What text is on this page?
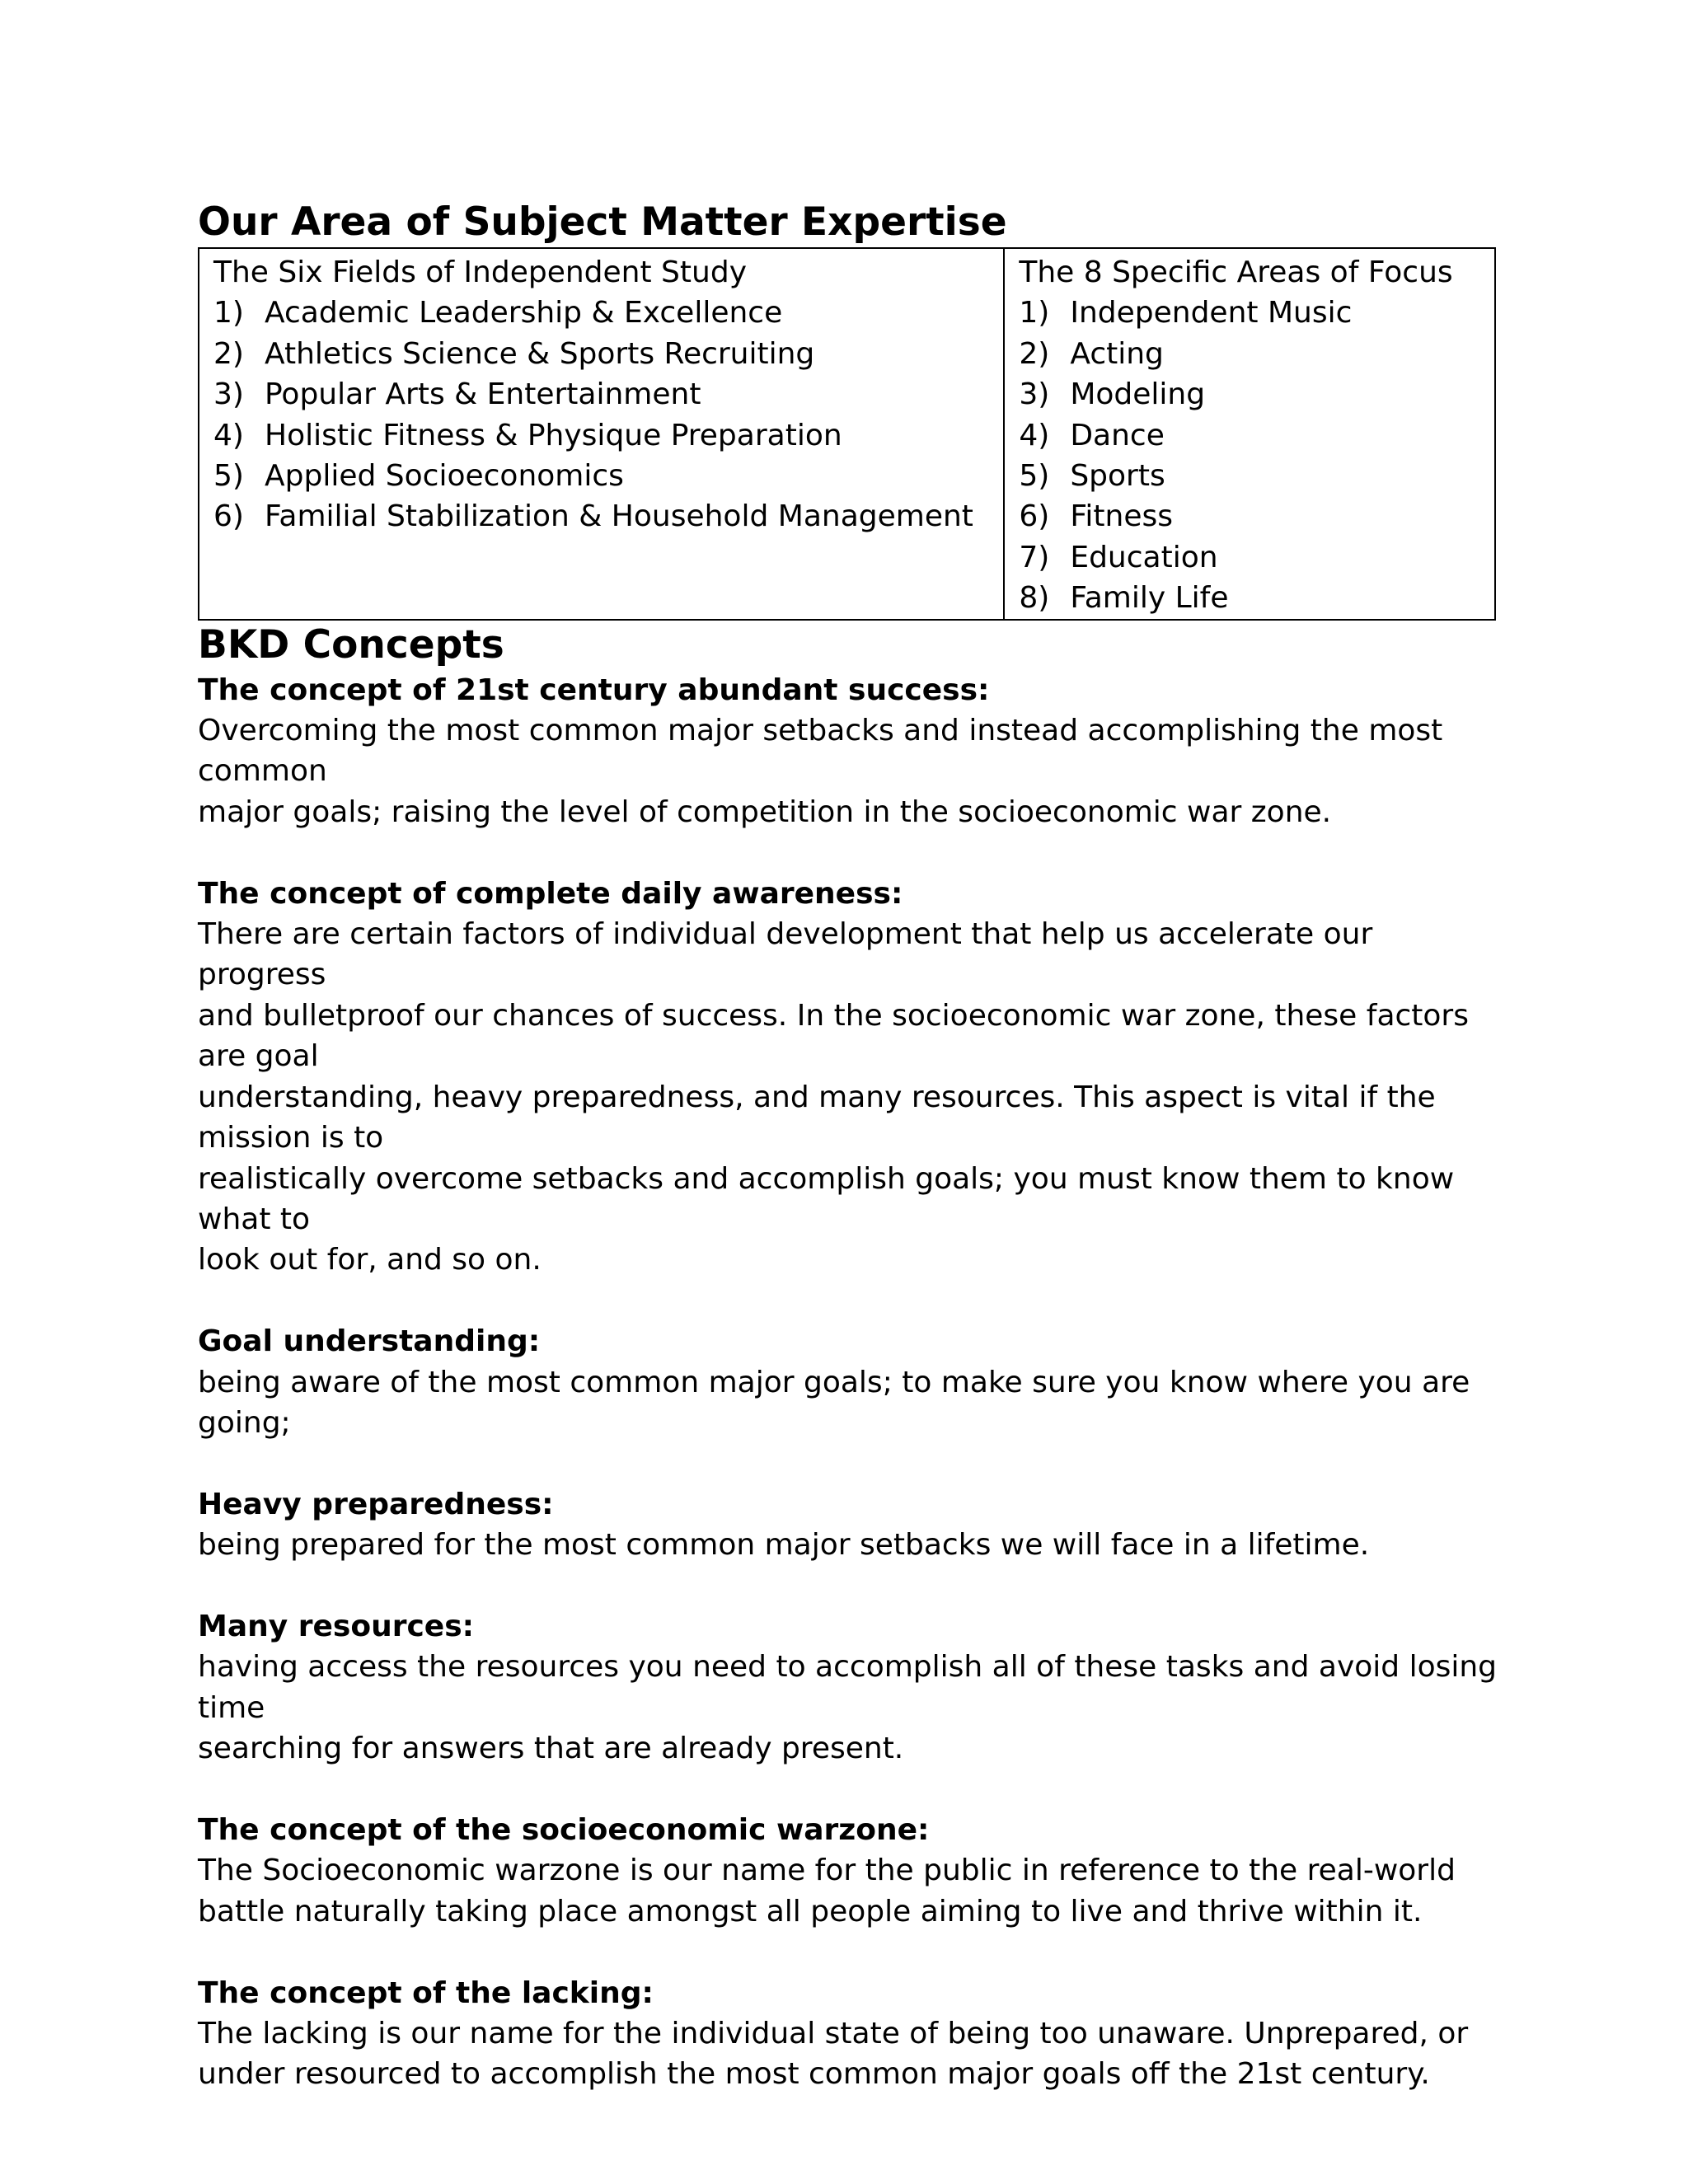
Our Area of Subject Matter Expertise
The Six Fields of Independent Study
1) Academic Leadership & Excellence
2) Athletics Science & Sports Recruiting
3) Popular Arts & Entertainment
4) Holistic Fitness & Physique Preparation
5) Applied Socioeconomics
6) Familial Stabilization & Household Management

The 8 Specific Areas of Focus
1) Independent Music
2) Acting
3) Modeling
4) Dance
5) Sports
6) Fitness
7) Education
8) Family Life
BKD Concepts
The concept of 21st century abundant success:
Overcoming the most common major setbacks and instead accomplishing the most common
major goals; raising the level of competition in the socioeconomic war zone.
The concept of complete daily awareness:
There are certain factors of individual development that help us accelerate our progress
and bulletproof our chances of success. In the socioeconomic war zone, these factors are goal
understanding, heavy preparedness, and many resources. This aspect is vital if the mission is to
realistically overcome setbacks and accomplish goals; you must know them to know what to
look out for, and so on.
Goal understanding:
being aware of the most common major goals; to make sure you know where you are going;
Heavy preparedness:
being prepared for the most common major setbacks we will face in a lifetime.
Many resources:
having access the resources you need to accomplish all of these tasks and avoid losing time
searching for answers that are already present.
The concept of the socioeconomic warzone:
The Socioeconomic warzone is our name for the public in reference to the real-world
battle naturally taking place amongst all people aiming to live and thrive within it.
The concept of the lacking:
The lacking is our name for the individual state of being too unaware. Unprepared, or
under resourced to accomplish the most common major goals off the 21st century.
